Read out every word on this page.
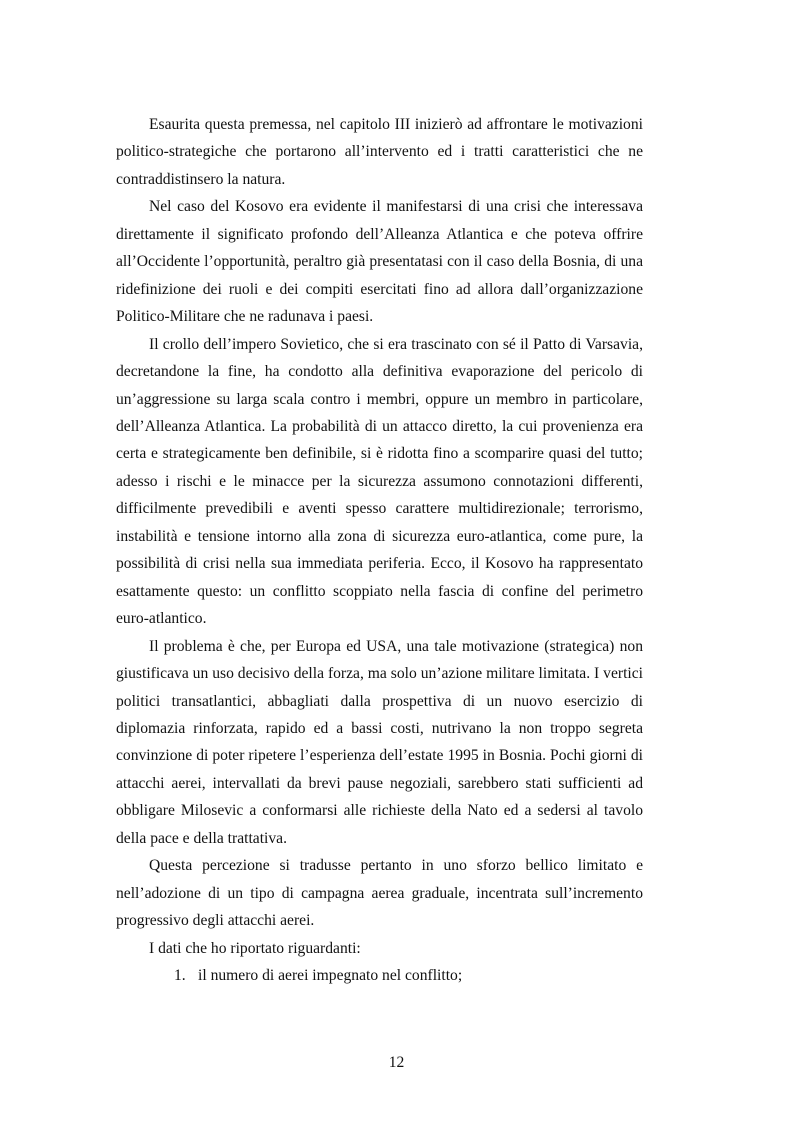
Esaurita questa premessa, nel capitolo III inizierò ad affrontare le motivazioni politico-strategiche che portarono all’intervento ed i tratti caratteristici che ne contraddistinsero la natura.

Nel caso del Kosovo era evidente il manifestarsi di una crisi che interessava direttamente il significato profondo dell’Alleanza Atlantica e che poteva offrire all’Occidente l’opportunità, peraltro già presentatasi con il caso della Bosnia, di una ridefinizione dei ruoli e dei compiti esercitati fino ad allora dall’organizzazione Politico-Militare che ne radunava i paesi.

Il crollo dell’impero Sovietico, che si era trascinato con sé il Patto di Varsavia, decretandone la fine, ha condotto alla definitiva evaporazione del pericolo di un’aggressione su larga scala contro i membri, oppure un membro in particolare, dell’Alleanza Atlantica. La probabilità di un attacco diretto, la cui provenienza era certa e strategicamente ben definibile, si è ridotta fino a scomparire quasi del tutto; adesso i rischi e le minacce per la sicurezza assumono connotazioni differenti, difficilmente prevedibili e aventi spesso carattere multidirezionale; terrorismo, instabilità e tensione intorno alla zona di sicurezza euro-atlantica, come pure, la possibilità di crisi nella sua immediata periferia. Ecco, il Kosovo ha rappresentato esattamente questo: un conflitto scoppiato nella fascia di confine del perimetro euro-atlantico.

Il problema è che, per Europa ed USA, una tale motivazione (strategica) non giustificava un uso decisivo della forza, ma solo un’azione militare limitata. I vertici politici transatlantici, abbagliati dalla prospettiva di un nuovo esercizio di diplomazia rinforzata, rapido ed a bassi costi, nutrivano la non troppo segreta convinzione di poter ripetere l’esperienza dell’estate 1995 in Bosnia. Pochi giorni di attacchi aerei, intervallati da brevi pause negoziali, sarebbero stati sufficienti ad obbligare Milosevic a conformarsi alle richieste della Nato ed a sedersi al tavolo della pace e della trattativa.

Questa percezione si tradusse pertanto in uno sforzo bellico limitato e nell’adozione di un tipo di campagna aerea graduale, incentrata sull’incremento progressivo degli attacchi aerei.

I dati che ho riportato riguardanti:

1. il numero di aerei impegnato nel conflitto;
12
